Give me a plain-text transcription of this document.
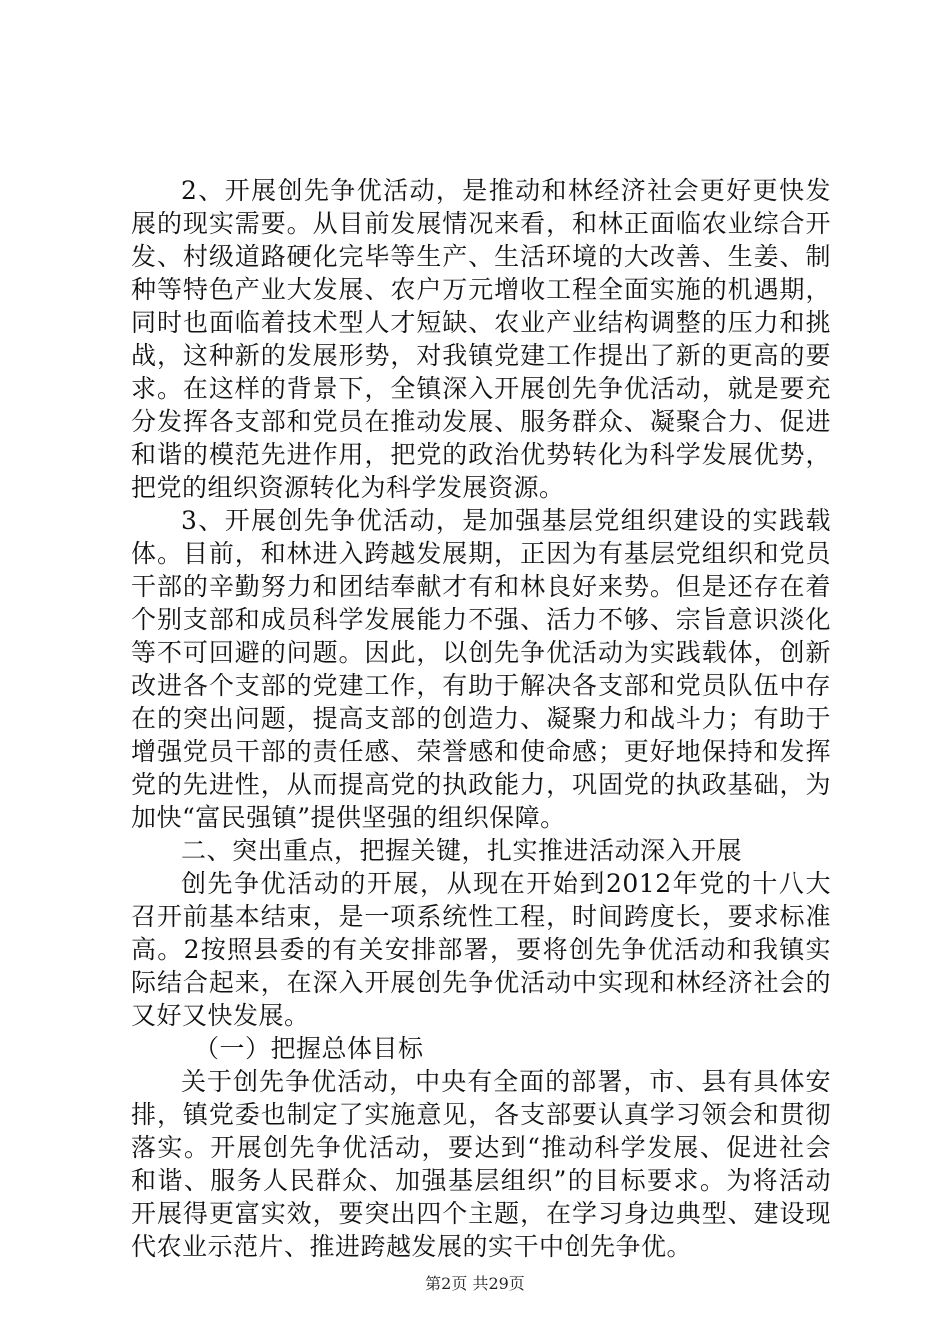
2、开展创先争优活动，是推动和林经济社会更好更快发展的现实需要。从目前发展情况来看，和林正面临农业综合开发、村级道路硬化完毕等生产、生活环境的大改善、生姜、制种等特色产业大发展、农户万元增收工程全面实施的机遇期，同时也面临着技术型人才短缺、农业产业结构调整的压力和挑战，这种新的发展形势，对我镇党建工作提出了新的更高的要求。在这样的背景下，全镇深入开展创先争优活动，就是要充分发挥各支部和党员在推动发展、服务群众、凝聚合力、促进和谐的模范先进作用，把党的政治优势转化为科学发展优势，把党的组织资源转化为科学发展资源。

3、开展创先争优活动，是加强基层党组织建设的实践载体。目前，和林进入跨越发展期，正因为有基层党组织和党员干部的辛勤努力和团结奉献才有和林良好来势。但是还存在着个别支部和成员科学发展能力不强、活力不够、宗旨意识淡化等不可回避的问题。因此，以创先争优活动为实践载体，创新改进各个支部的党建工作，有助于解决各支部和党员队伍中存在的突出问题，提高支部的创造力、凝聚力和战斗力；有助于增强党员干部的责任感、荣誉感和使命感；更好地保持和发挥党的先进性，从而提高党的执政能力，巩固党的执政基础，为加快“富民强镇”提供坚强的组织保障。

二、突出重点，把握关键，扎实推进活动深入开展

创先争优活动的开展，从现在开始到2012年党的十八大召开前基本结束，是一项系统性工程，时间跨度长，要求标准高。2按照县委的有关安排部署，要将创先争优活动和我镇实际结合起来，在深入开展创先争优活动中实现和林经济社会的又好又快发展。

（一）把握总体目标

关于创先争优活动，中央有全面的部署，市、县有具体安排，镇党委也制定了实施意见，各支部要认真学习领会和贯彻落实。开展创先争优活动，要达到“推动科学发展、促进社会和谐、服务人民群众、加强基层组织”的目标要求。为将活动开展得更富实效，要突出四个主题，在学习身边典型、建设现代农业示范片、推进跨越发展的实干中创先争优。

第2页 共29页
